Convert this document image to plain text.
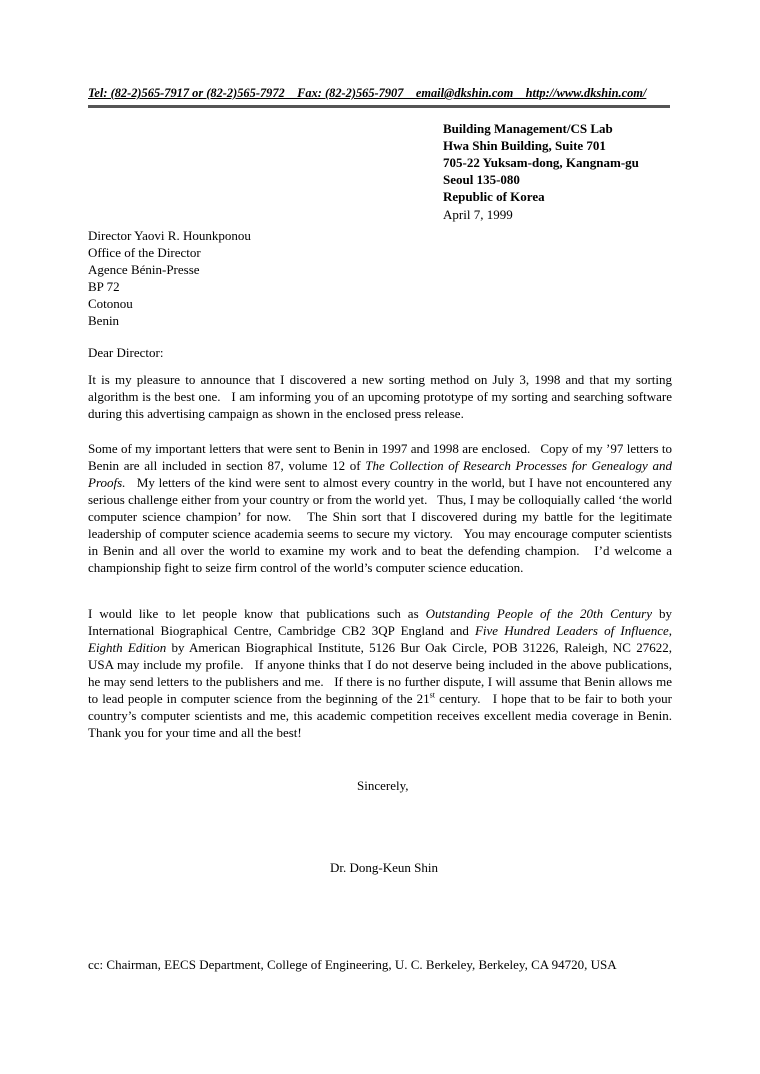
Tel: (82-2)565-7917 or (82-2)565-7972    Fax: (82-2)565-7907    email@dkshin.com    http://www.dkshin.com/
Building Management/CS Lab
Hwa Shin Building, Suite 701
705-22 Yuksam-dong, Kangnam-gu
Seoul 135-080
Republic of Korea
April 7, 1999
Director Yaovi R. Hounkponou
Office of the Director
Agence Bénin-Presse
BP 72
Cotonou
Benin
Dear Director:

It is my pleasure to announce that I discovered a new sorting method on July 3, 1998 and that my sorting algorithm is the best one.   I am informing you of an upcoming prototype of my sorting and searching software during this advertising campaign as shown in the enclosed press release.

Some of my important letters that were sent to Benin in 1997 and 1998 are enclosed.   Copy of my ’97 letters to Benin are all included in section 87, volume 12 of The Collection of Research Processes for Genealogy and Proofs.   My letters of the kind were sent to almost every country in the world, but I have not encountered any serious challenge either from your country or from the world yet.   Thus, I may be colloquially called ‘the world computer science champion’ for now.   The Shin sort that I discovered during my battle for the legitimate leadership of computer science academia seems to secure my victory.   You may encourage computer scientists in Benin and all over the world to examine my work and to beat the defending champion.   I’d welcome a championship fight to seize firm control of the world’s computer science education.

I would like to let people know that publications such as Outstanding People of the 20th Century by International Biographical Centre, Cambridge CB2 3QP England and Five Hundred Leaders of Influence, Eighth Edition by American Biographical Institute, 5126 Bur Oak Circle, POB 31226, Raleigh, NC 27622, USA may include my profile.   If anyone thinks that I do not deserve being included in the above publications, he may send letters to the publishers and me.   If there is no further dispute, I will assume that Benin allows me to lead people in computer science from the beginning of the 21st century.   I hope that to be fair to both your country’s computer scientists and me, this academic competition receives excellent media coverage in Benin.   Thank you for your time and all the best!

Sincerely,
Dr. Dong-Keun Shin
cc: Chairman, EECS Department, College of Engineering, U. C. Berkeley, Berkeley, CA 94720, USA
